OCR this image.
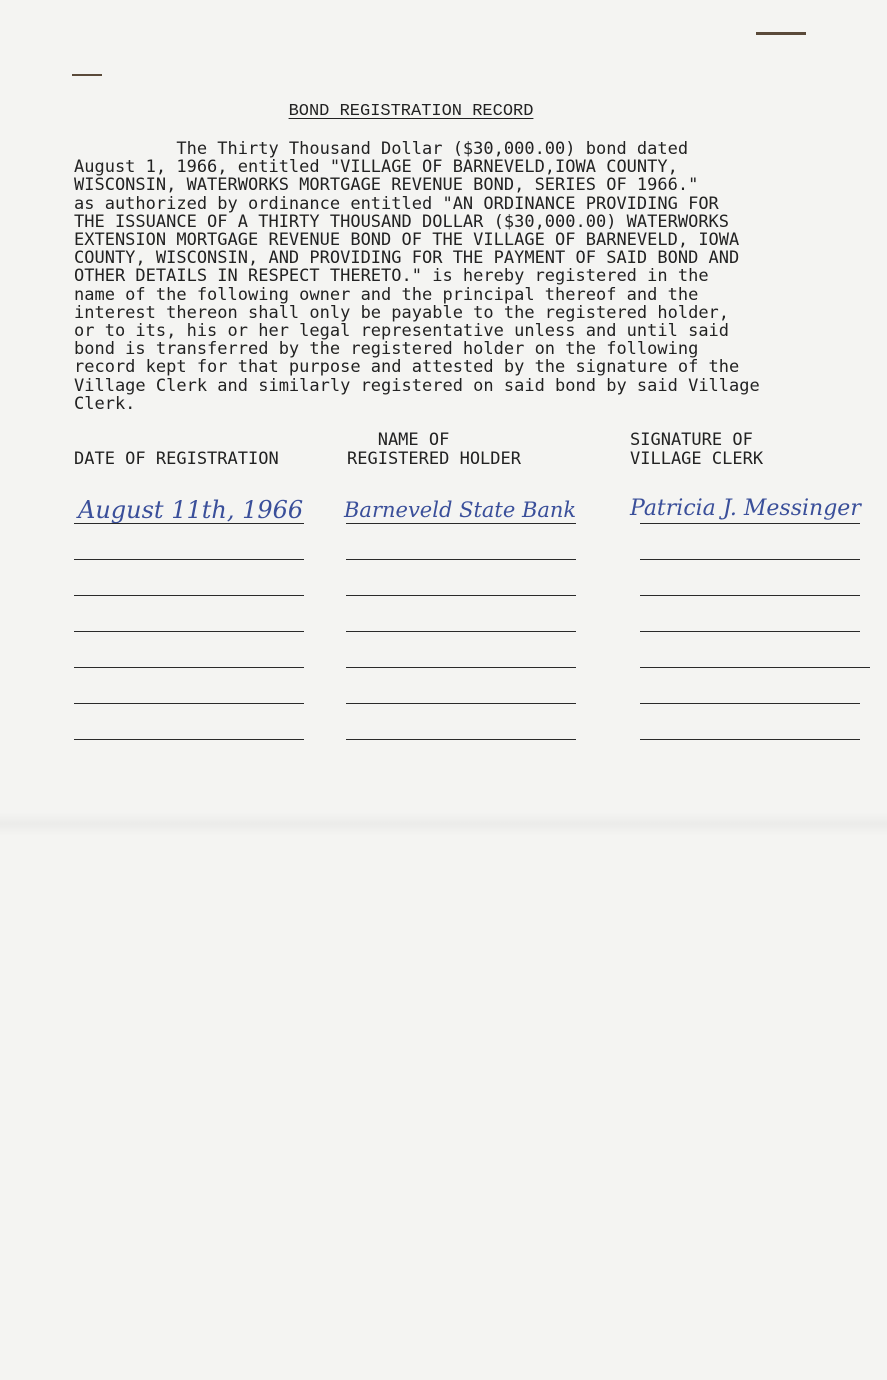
BOND REGISTRATION RECORD
The Thirty Thousand Dollar ($30,000.00) bond dated
August 1, 1966, entitled "VILLAGE OF BARNEVELD,IOWA COUNTY,
WISCONSIN, WATERWORKS MORTGAGE REVENUE BOND, SERIES OF 1966."
as authorized by ordinance entitled "AN ORDINANCE PROVIDING FOR
THE ISSUANCE OF A THIRTY THOUSAND DOLLAR ($30,000.00) WATERWORKS
EXTENSION MORTGAGE REVENUE BOND OF THE VILLAGE OF BARNEVELD, IOWA
COUNTY, WISCONSIN, AND PROVIDING FOR THE PAYMENT OF SAID BOND AND
OTHER DETAILS IN RESPECT THERETO." is hereby registered in the
name of the following owner and the principal thereof and the
interest thereon shall only be payable to the registered holder,
or to its, his or her legal representative unless and until said
bond is transferred by the registered holder on the following
record kept for that purpose and attested by the signature of the
Village Clerk and similarly registered on said bond by said Village
Clerk.

DATE OF REGISTRATION
NAME OF
REGISTERED HOLDER
SIGNATURE OF
VILLAGE CLERK
August 11th, 1966 Barneveld State Bank Patricia J. Messinger
